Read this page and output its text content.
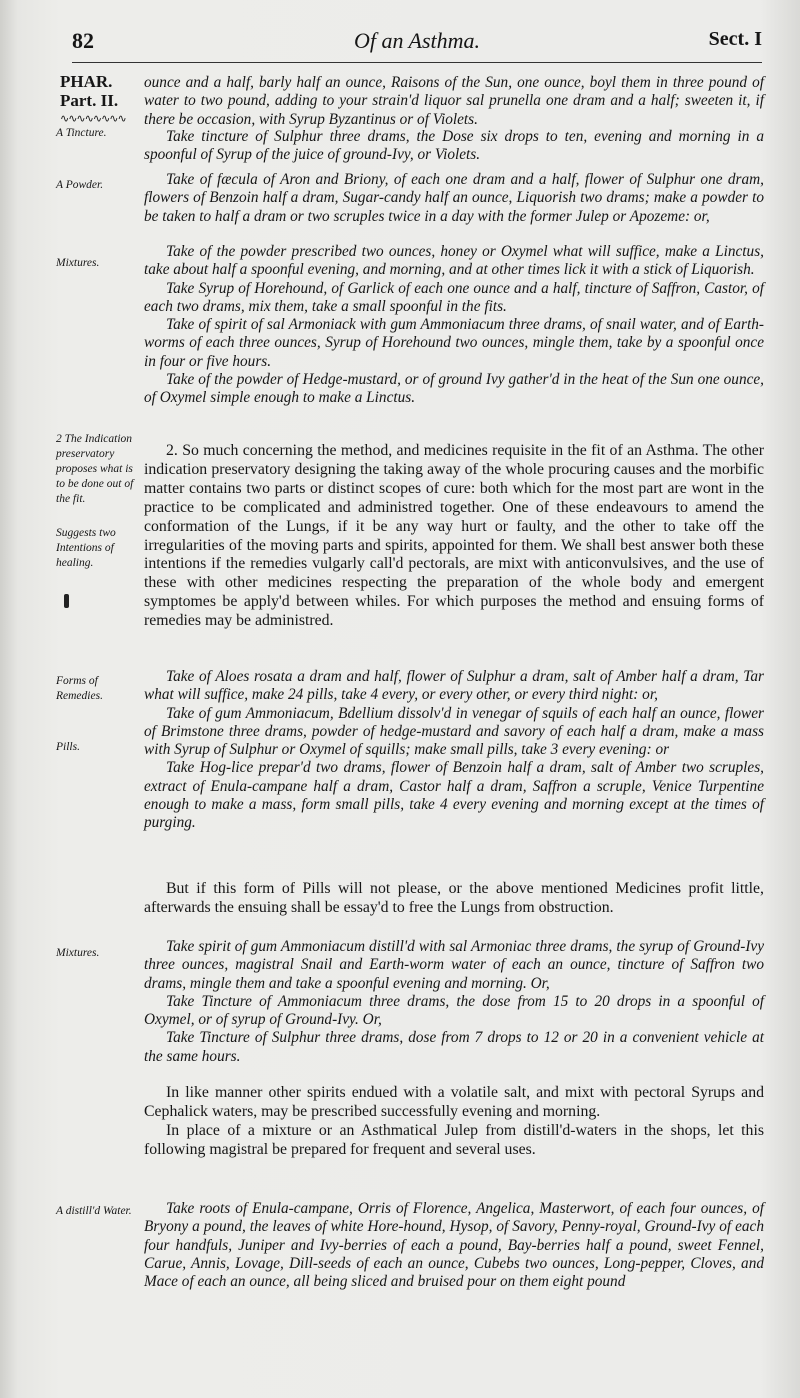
82	Of an Asthma.	Sect. I
PHAR.
Part. II.
∿∿∿∿∿∿∿∿
A Tincture.
A Powder.
Mixtures.
2 The Indication preservatory proposes what is to be done out of the fit.
Suggests two Intentions of healing.
Forms of Remedies.
Pills.
Mixtures.
A distill'd Water.

ounce and a half, barly half an ounce, Raisons of the Sun, one ounce, boyl them in three pound of water to two pound, adding to your strain'd liquor sal prunella one dram and a half; sweeten it, if there be occasion, with Syrup Byzantinus or of Violets.

Take tincture of Sulphur three drams, the Dose six drops to ten, evening and morning in a spoonful of Syrup of the juice of ground-Ivy, or Violets.

Take of fæcula of Aron and Briony, of each one dram and a half, flower of Sulphur one dram, flowers of Benzoin half a dram, Sugar-candy half an ounce, Liquorish two drams; make a powder to be taken to half a dram or two scruples twice in a day with the former Julep or Apozeme: or,

Take of the powder prescribed two ounces, honey or Oxymel what will suffice, make a Linctus, take about half a spoonful evening, and morning, and at other times lick it with a stick of Liquorish.

Take Syrup of Horehound, of Garlick of each one ounce and a half, tincture of Saffron, Castor, of each two drams, mix them, take a small spoonful in the fits.

Take of spirit of sal Armoniack with gum Ammoniacum three drams, of snail water, and of Earth-worms of each three ounces, Syrup of Horehound two ounces, mingle them, take by a spoonful once in four or five hours.

Take of the powder of Hedge-mustard, or of ground Ivy gather'd in the heat of the Sun one ounce, of Oxymel simple enough to make a Linctus.

2. So much concerning the method, and medicines requisite in the fit of an Asthma. The other indication preservatory designing the taking away of the whole procuring causes and the morbific matter contains two parts or distinct scopes of cure: both which for the most part are wont in the practice to be complicated and administred together. One of these endeavours to amend the conformation of the Lungs, if it be any way hurt or faulty, and the other to take off the irregularities of the moving parts and spirits, appointed for them. We shall best answer both these intentions if the remedies vulgarly call'd pectorals, are mixt with anticonvulsives, and the use of these with other medicines respecting the preparation of the whole body and emergent symptomes be apply'd between whiles. For which purposes the method and ensuing forms of remedies may be administred.

Take of Aloes rosata a dram and half, flower of Sulphur a dram, salt of Amber half a dram, Tar what will suffice, make 24 pills, take 4 every, or every other, or every third night: or,

Take of gum Ammoniacum, Bdellium dissolv'd in venegar of squils of each half an ounce, flower of Brimstone three drams, powder of hedge-mustard and savory of each half a dram, make a mass with Syrup of Sulphur or Oxymel of squills; make small pills, take 3 every evening: or

Take Hog-lice prepar'd two drams, flower of Benzoin half a dram, salt of Amber two scruples, extract of Enula-campane half a dram, Castor half a dram, Saffron a scruple, Venice Turpentine enough to make a mass, form small pills, take 4 every evening and morning except at the times of purging.

But if this form of Pills will not please, or the above mentioned Medicines profit little, afterwards the ensuing shall be essay'd to free the Lungs from obstruction.

Take spirit of gum Ammoniacum distill'd with sal Armoniac three drams, the syrup of Ground-Ivy three ounces, magistral Snail and Earth-worm water of each an ounce, tincture of Saffron two drams, mingle them and take a spoonful evening and morning. Or,

Take Tincture of Ammoniacum three drams, the dose from 15 to 20 drops in a spoonful of Oxymel, or of syrup of Ground-Ivy. Or,

Take Tincture of Sulphur three drams, dose from 7 drops to 12 or 20 in a convenient vehicle at the same hours.

In like manner other spirits endued with a volatile salt, and mixt with pectoral Syrups and Cephalick waters, may be prescribed successfully evening and morning.

In place of a mixture or an Asthmatical Julep from distill'd-waters in the shops, let this following magistral be prepared for frequent and several uses.

Take roots of Enula-campane, Orris of Florence, Angelica, Masterwort, of each four ounces, of Bryony a pound, the leaves of white Hore-hound, Hysop, of Savory, Penny-royal, Ground-Ivy of each four handfuls, Juniper and Ivy-berries of each a pound, Bay-berries half a pound, sweet Fennel, Carue, Annis, Lovage, Dill-seeds of each an ounce, Cubebs two ounces, Long-pepper, Cloves, and Mace of each an ounce, all being sliced and bruised pour on them eight pound
